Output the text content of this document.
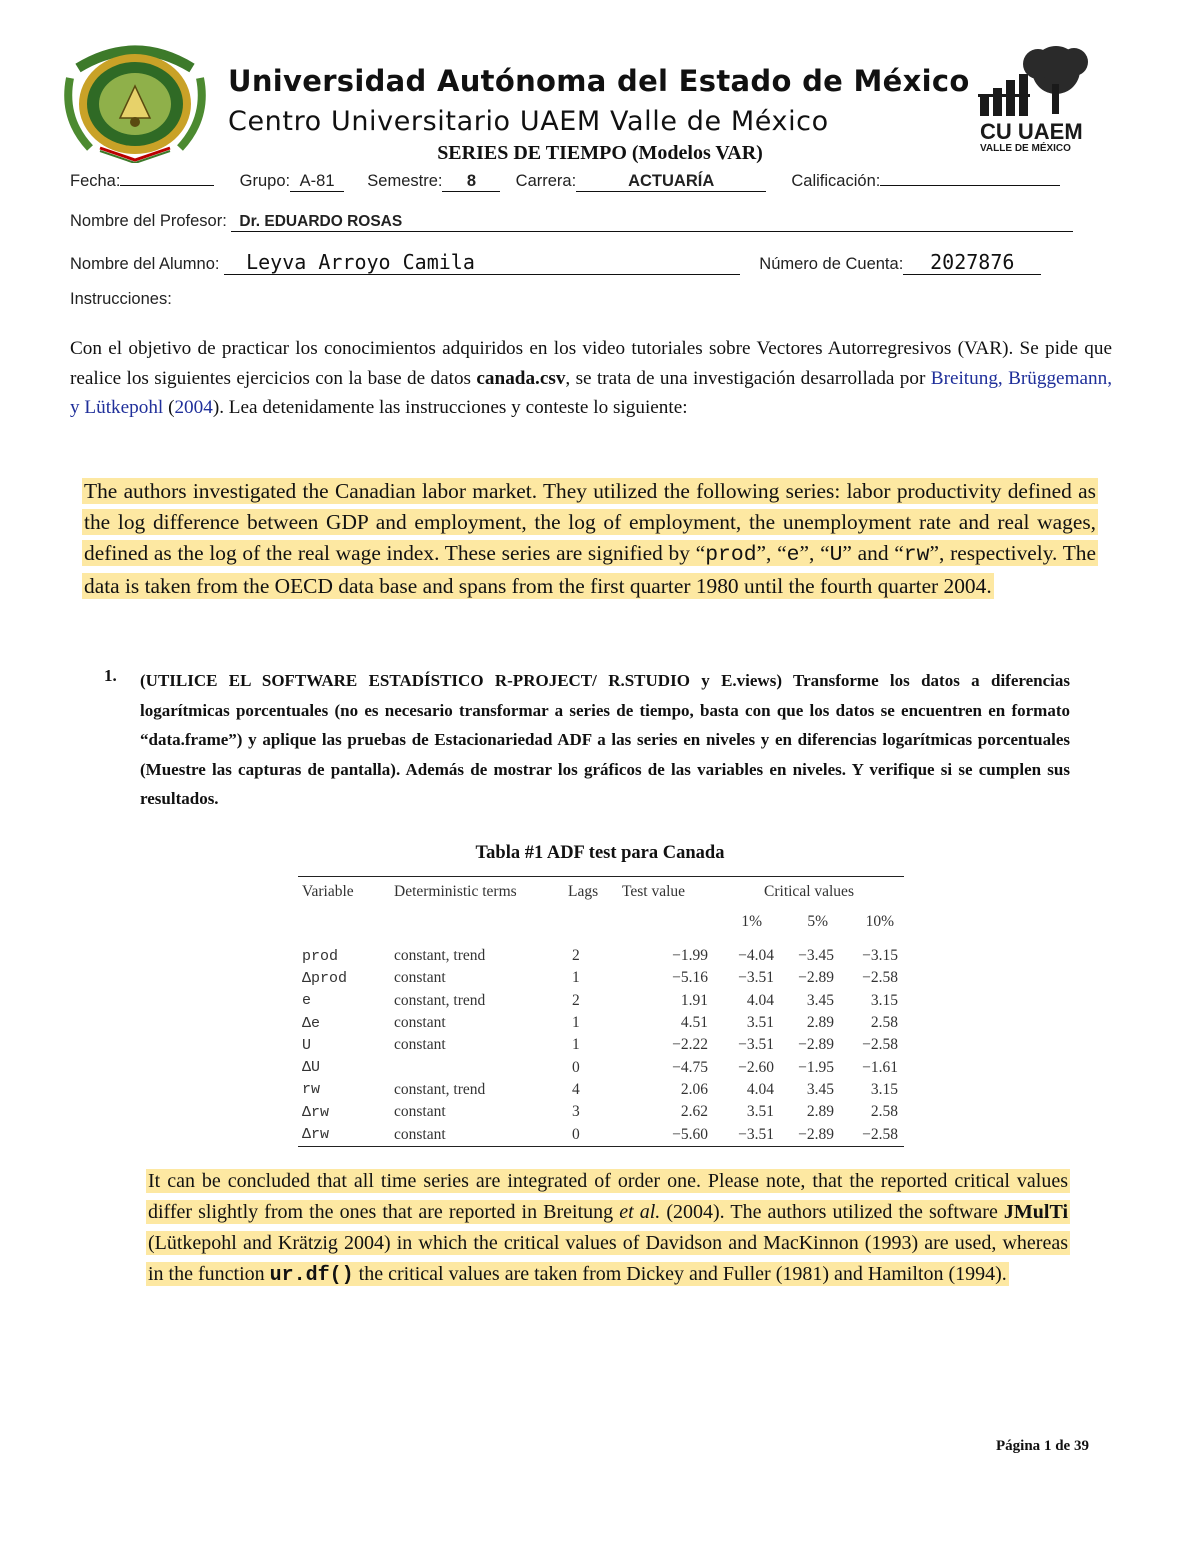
Universidad Autónoma del Estado de México
Centro Universitario UAEM Valle de México	CU UAEM
VALLE DE MÉXICO
SERIES DE TIEMPO (Modelos VAR)
Fecha:	Grupo: A-81 Semestre: 8 Carrera:	ACTUARÍA	Calificación:
Nombre del Profesor: Dr. EDUARDO ROSAS
Nombre del Alumno: Leyva Arroyo Camila	Número de Cuenta: 2027876
Instrucciones:
Con el objetivo de practicar los conocimientos adquiridos en los video tutoriales sobre Vectores Autorregresivos (VAR). Se pide que realice los siguientes ejercicios con la base de datos canada.csv, se trata de una investigación desarrollada por Breitung, Brüggemann, y Lütkepohl (2004). Lea detenidamente las instrucciones y conteste lo siguiente:
The authors investigated the Canadian labor market. They utilized the following series: labor productivity defined as the log difference between GDP and employment, the log of employment, the unemployment rate and real wages, defined as the log of the real wage index. These series are signified by “prod”, “e”, “U” and “rw”, respectively. The data is taken from the OECD data base and spans from the first quarter 1980 until the fourth quarter 2004.
1. (UTILICE EL SOFTWARE ESTADÍSTICO R-PROJECT/ R.STUDIO y E.views) Transforme los datos a diferencias logarítmicas porcentuales (no es necesario transformar a series de tiempo, basta con que los datos se encuentren en formato “data.frame”) y aplique las pruebas de Estacionariedad ADF a las series en niveles y en diferencias logarítmicas porcentuales (Muestre las capturas de pantalla). Además de mostrar los gráficos de las variables en niveles. Y verifique si se cumplen sus resultados.
Tabla #1 ADF test para Canada
Variable	Deterministic terms	Lags	Test value	Critical values		
				1%	5%	10%

prod	constant, trend	2	−1.99	−4.04	−3.45	−3.15
Δprod	constant	1	−5.16	−3.51	−2.89	−2.58
e	constant, trend	2	1.91	4.04	3.45	3.15
Δe	constant	1	4.51	3.51	2.89	2.58
U	constant	1	−2.22	−3.51	−2.89	−2.58
ΔU		0	−4.75	−2.60	−1.95	−1.61
rw	constant, trend	4	2.06	4.04	3.45	3.15
Δrw	constant	3	2.62	3.51	2.89	2.58
Δrw	constant	0	−5.60	−3.51	−2.89	−2.58
It can be concluded that all time series are integrated of order one. Please note, that the reported critical values differ slightly from the ones that are reported in Breitung et al. (2004). The authors utilized the software JMulTi (Lütkepohl and Krätzig 2004) in which the critical values of Davidson and MacKinnon (1993) are used, whereas in the function ur.df() the critical values are taken from Dickey and Fuller (1981) and Hamilton (1994).
Página 1 de 39
